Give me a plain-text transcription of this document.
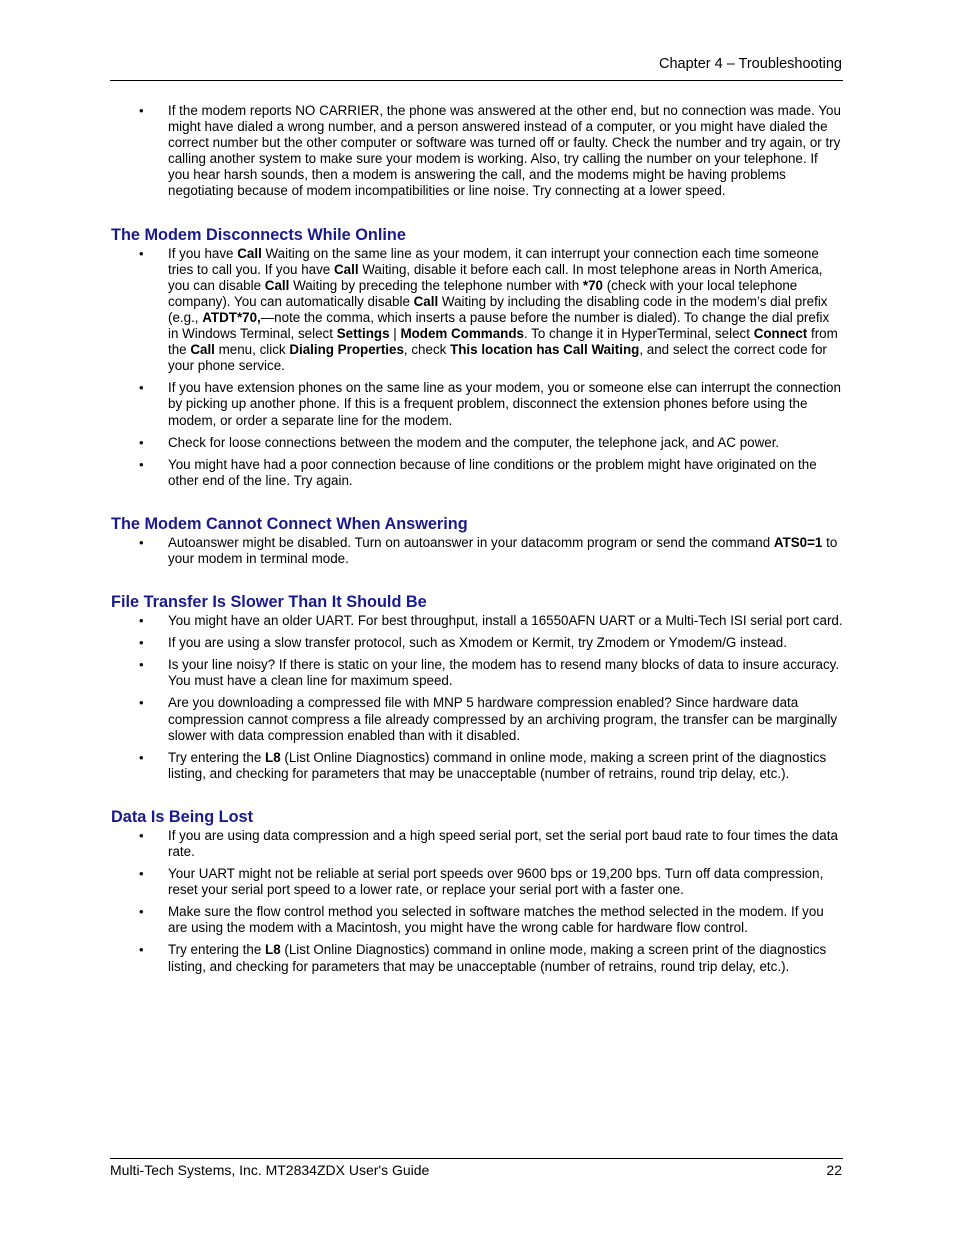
Chapter 4 – Troubleshooting
• If the modem reports NO CARRIER, the phone was answered at the other end, but no connection was made. You might have dialed a wrong number, and a person answered instead of a computer, or you might have dialed the correct number but the other computer or software was turned off or faulty. Check the number and try again, or try calling another system to make sure your modem is working. Also, try calling the number on your telephone. If you hear harsh sounds, then a modem is answering the call, and the modems might be having problems negotiating because of modem incompatibilities or line noise. Try connecting at a lower speed.
The Modem Disconnects While Online
• If you have Call Waiting on the same line as your modem, it can interrupt your connection each time someone tries to call you. If you have Call Waiting, disable it before each call. In most telephone areas in North America, you can disable Call Waiting by preceding the telephone number with *70 (check with your local telephone company). You can automatically disable Call Waiting by including the disabling code in the modem’s dial prefix (e.g., ATDT*70,—note the comma, which inserts a pause before the number is dialed). To change the dial prefix in Windows Terminal, select Settings | Modem Commands. To change it in HyperTerminal, select Connect from the Call menu, click Dialing Properties, check This location has Call Waiting, and select the correct code for your phone service.
• If you have extension phones on the same line as your modem, you or someone else can interrupt the connection by picking up another phone. If this is a frequent problem, disconnect the extension phones before using the modem, or order a separate line for the modem.
• Check for loose connections between the modem and the computer, the telephone jack, and AC power.
• You might have had a poor connection because of line conditions or the problem might have originated on the other end of the line. Try again.
The Modem Cannot Connect When Answering
• Autoanswer might be disabled. Turn on autoanswer in your datacomm program or send the command ATS0=1 to your modem in terminal mode.
File Transfer Is Slower Than It Should Be
• You might have an older UART. For best throughput, install a 16550AFN UART or a Multi-Tech ISI serial port card.
• If you are using a slow transfer protocol, such as Xmodem or Kermit, try Zmodem or Ymodem/G instead.
• Is your line noisy? If there is static on your line, the modem has to resend many blocks of data to insure accuracy. You must have a clean line for maximum speed.
• Are you downloading a compressed file with MNP 5 hardware compression enabled? Since hardware data compression cannot compress a file already compressed by an archiving program, the transfer can be marginally slower with data compression enabled than with it disabled.
• Try entering the L8 (List Online Diagnostics) command in online mode, making a screen print of the diagnostics listing, and checking for parameters that may be unacceptable (number of retrains, round trip delay, etc.).
Data Is Being Lost
• If you are using data compression and a high speed serial port, set the serial port baud rate to four times the data rate.
• Your UART might not be reliable at serial port speeds over 9600 bps or 19,200 bps. Turn off data compression, reset your serial port speed to a lower rate, or replace your serial port with a faster one.
• Make sure the flow control method you selected in software matches the method selected in the modem. If you are using the modem with a Macintosh, you might have the wrong cable for hardware flow control.
• Try entering the L8 (List Online Diagnostics) command in online mode, making a screen print of the diagnostics listing, and checking for parameters that may be unacceptable (number of retrains, round trip delay, etc.).
Multi-Tech Systems, Inc. MT2834ZDX User's Guide	22
